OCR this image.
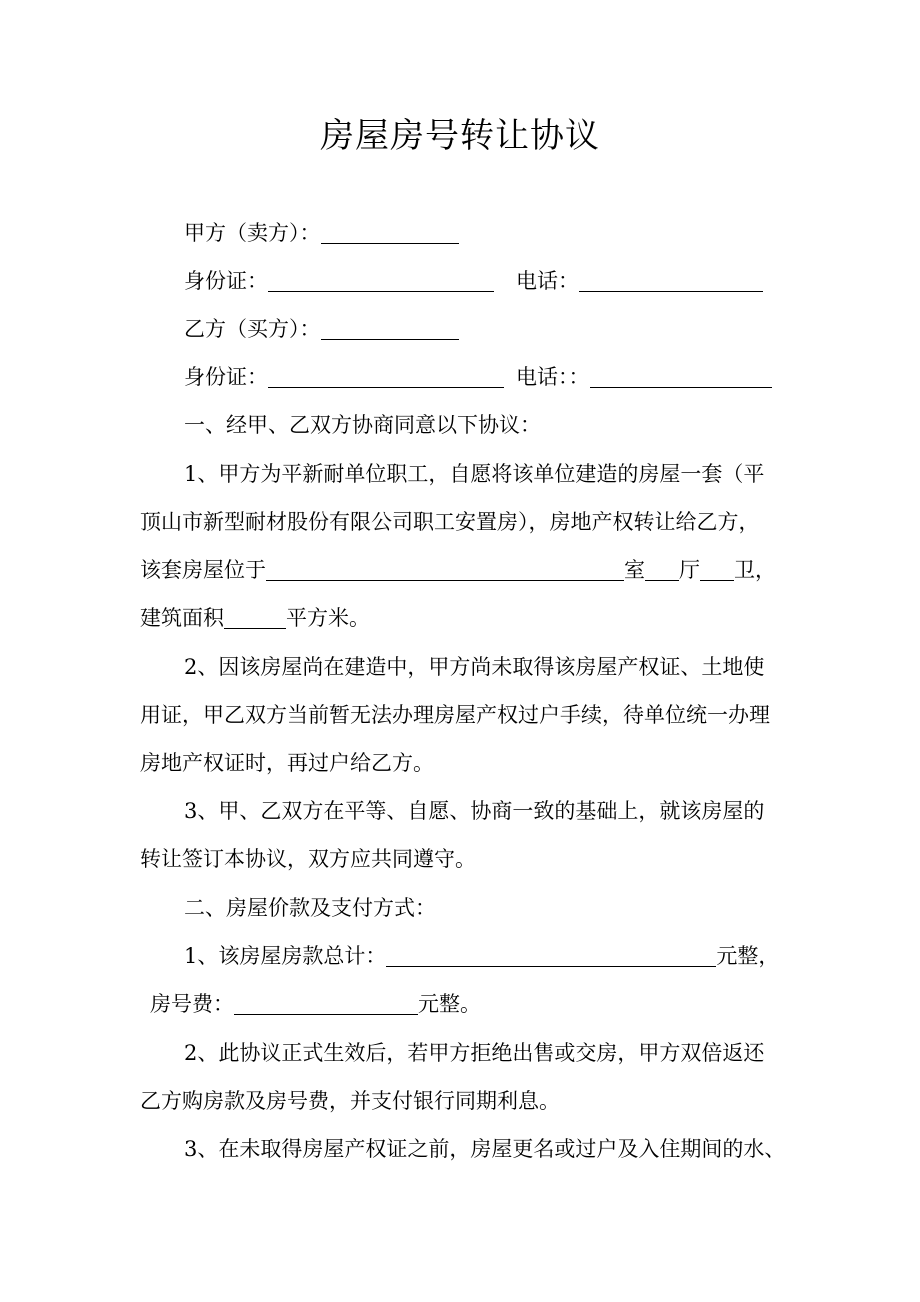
房屋房号转让协议
甲方（卖方）：
身份证：	电话：
乙方（买方）：
身份证：	电话：：
一、经甲、乙双方协商同意以下协议：
1、甲方为平新耐单位职工，自愿将该单位建造的房屋一套（平
顶山市新型耐材股份有限公司职工安置房），房地产权转让给乙方，
该套房屋位于	室 厅 卫，
建筑面积	平方米。
2、因该房屋尚在建造中，甲方尚未取得该房屋产权证、土地使
用证，甲乙双方当前暂无法办理房屋产权过户手续，待单位统一办理
房地产权证时，再过户给乙方。
3、甲、乙双方在平等、自愿、协商一致的基础上，就该房屋的
转让签订本协议，双方应共同遵守。
二、房屋价款及支付方式：
1、该房屋房款总计：	元整，
房号费：	元整。
2、此协议正式生效后，若甲方拒绝出售或交房，甲方双倍返还
乙方购房款及房号费，并支付银行同期利息。
3、在未取得房屋产权证之前，房屋更名或过户及入住期间的水、
